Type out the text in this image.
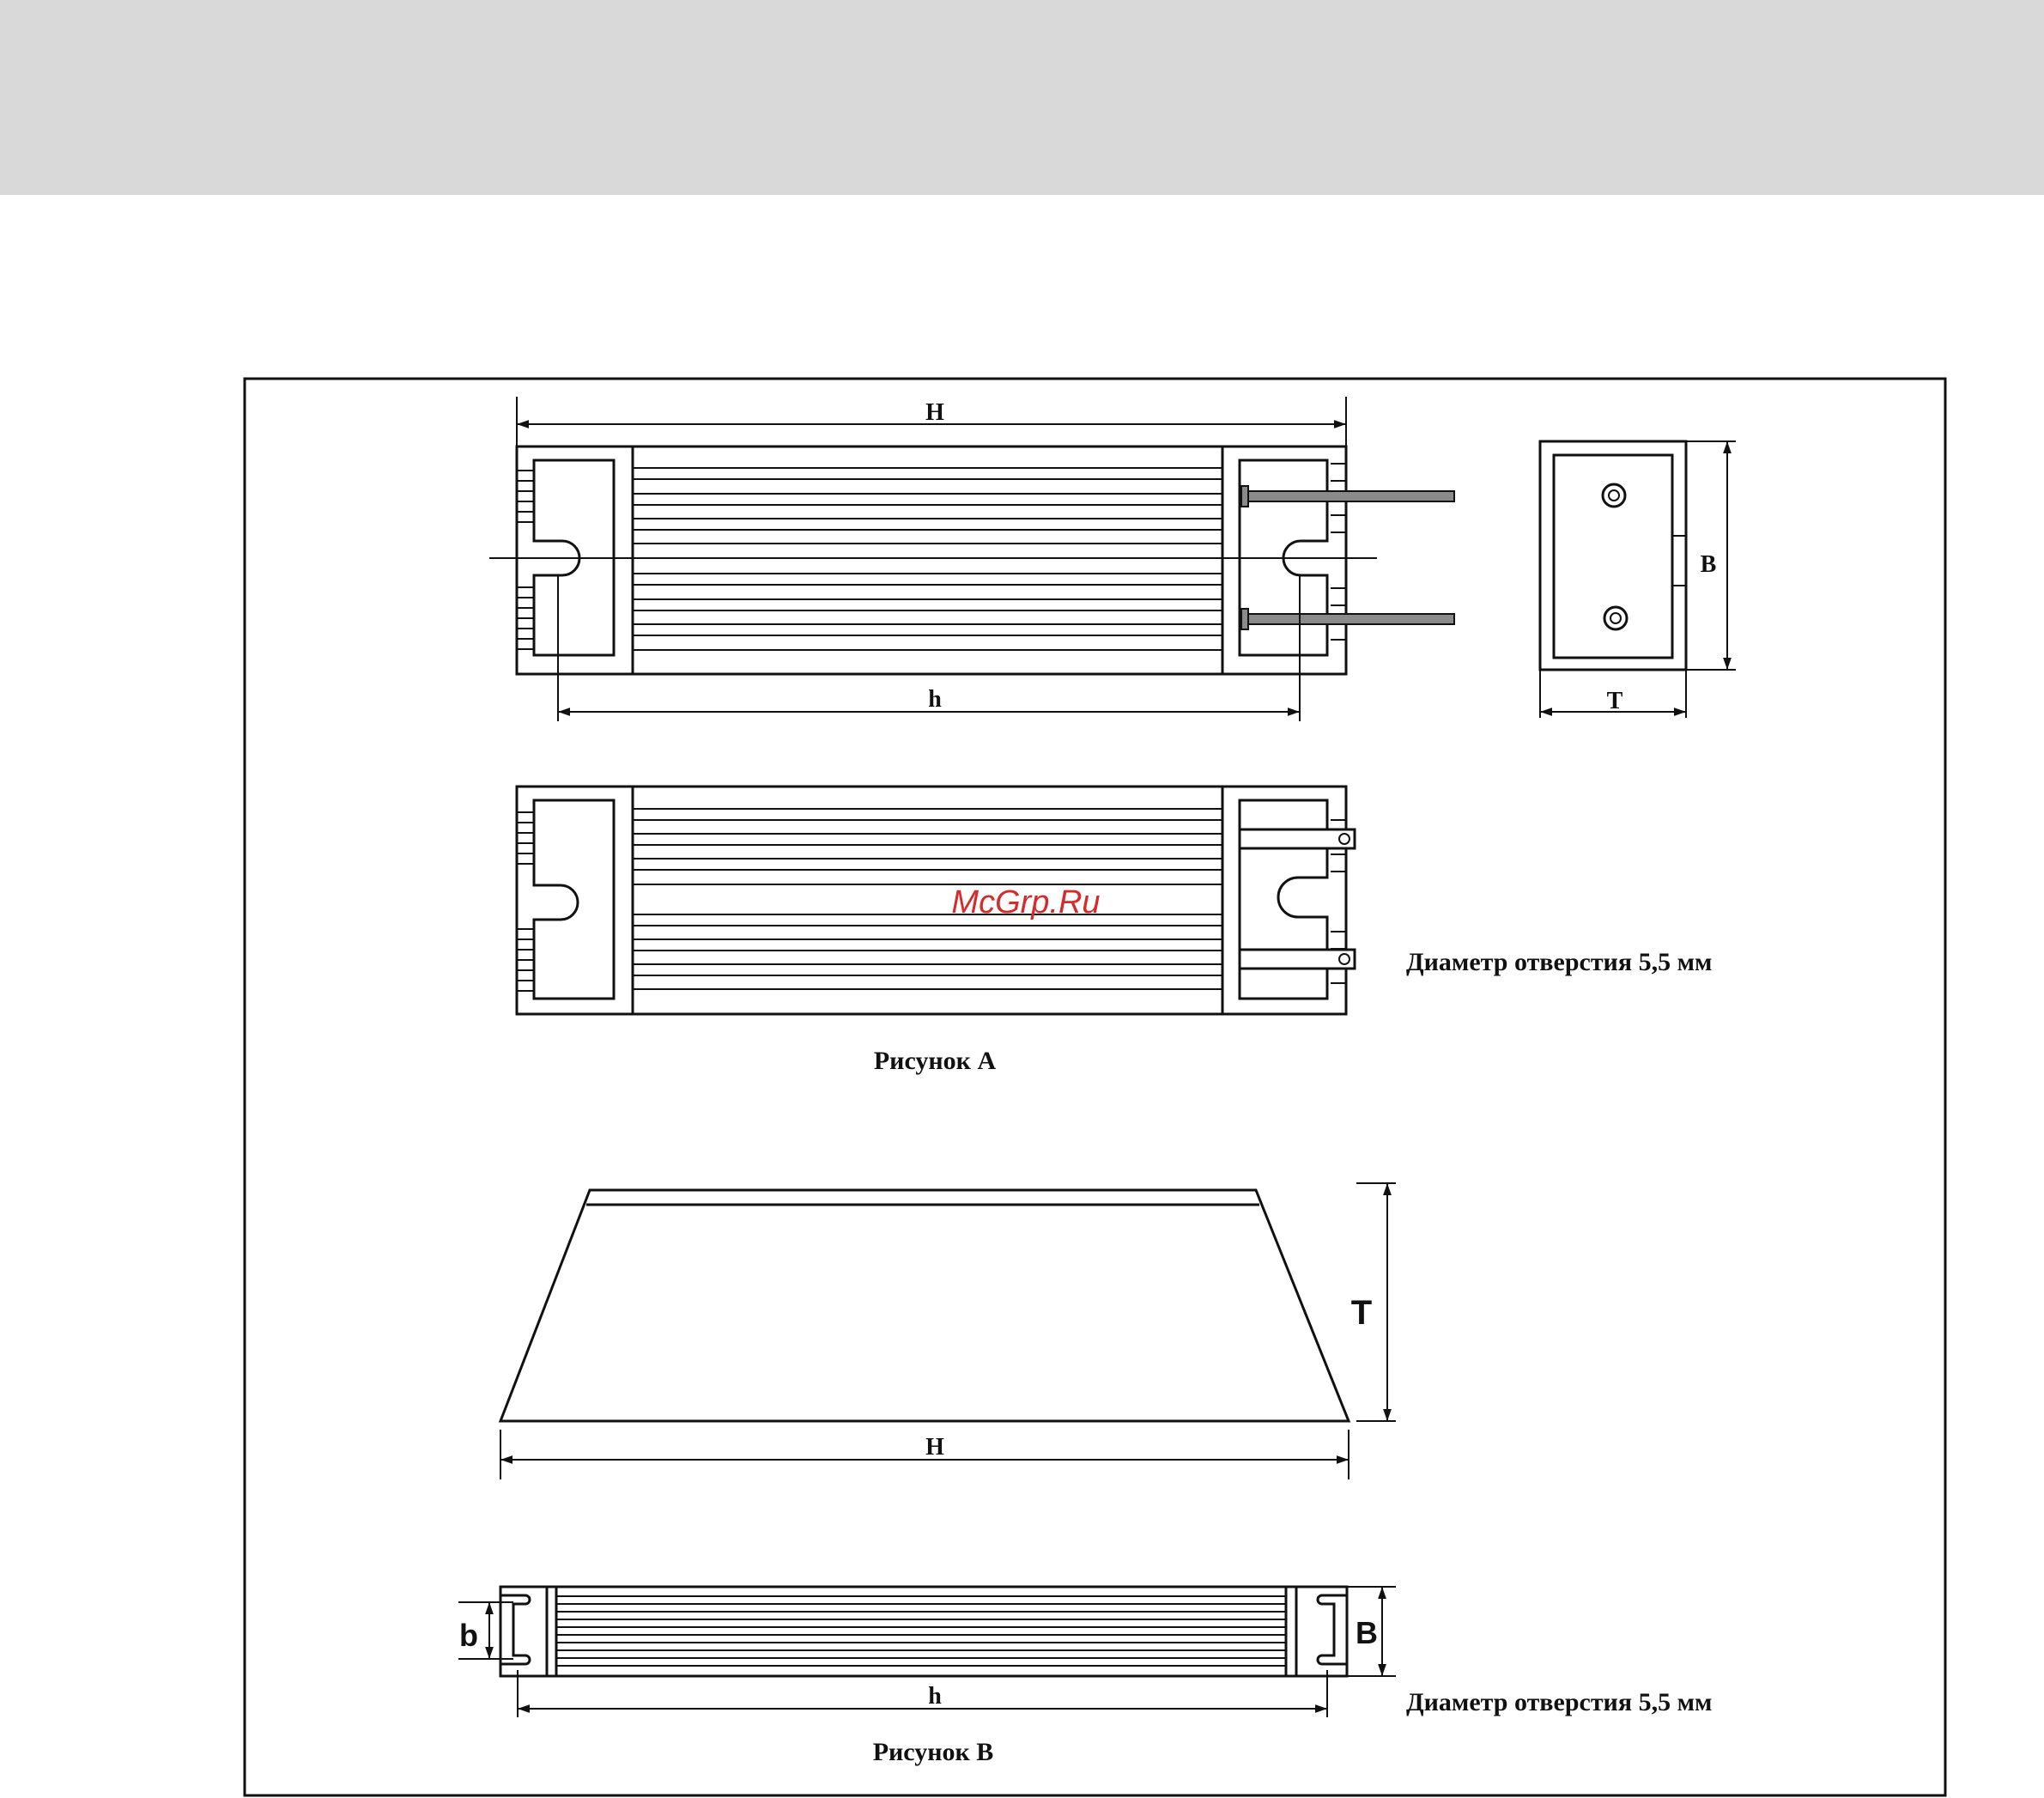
H
h
B
T
McGrp.Ru
Диаметр отверстия 5,5 мм
Рисунок А
T
H
b	B
h	Диаметр отверстия 5,5 мм
Рисунок В
